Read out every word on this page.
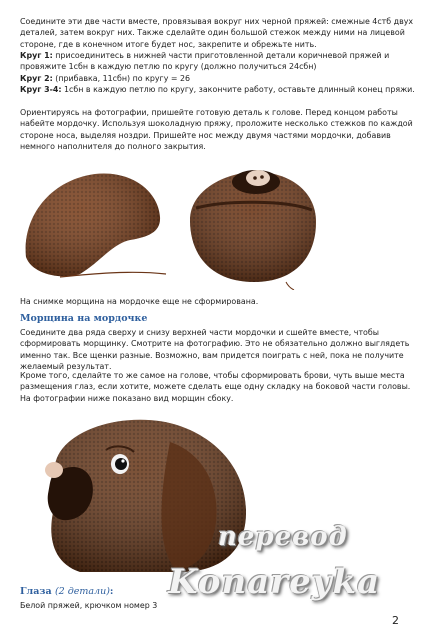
Соедините эти две части вместе, провязывая вокруг них черной пряжей: смежные 4стб двух деталей, затем вокруг них. Также сделайте один большой стежок между ними на лицевой стороне, где в конечном итоге будет нос, закрепите и обрежьте нить.

Круг 1: присоединитесь в нижней части приготовленной детали коричневой пряжей и провяжите 1сбн в каждую петлю по кругу (должно получиться 24сбн)

Круг 2: (прибавка, 11сбн) по кругу = 26

Круг 3-4: 1сбн в каждую петлю по кругу, закончите работу, оставьте длинный конец пряжи.

Ориентируясь на фотографии, пришейте готовую деталь к голове. Перед концом работы набейте мордочку. Используя шоколадную пряжу, проложите несколько стежков по каждой стороне носа, выделяя ноздри. Пришейте нос между двумя частями мордочки, добавив немного наполнителя до полного закрытия.

На снимке морщина на мордочке еще не сформирована.

Морщина на мордочке

Соедините два ряда сверху и снизу верхней части мордочки и сшейте вместе, чтобы сформировать морщинку. Смотрите на фотографию. Это не обязательно должно выглядеть именно так. Все щенки разные. Возможно, вам придется поиграть с ней, пока не получите желаемый результат.

Кроме того, сделайте то же самое на голове, чтобы сформировать брови, чуть выше места размещения глаз, если хотите, можете сделать еще одну складку на боковой части головы. На фотографии ниже показано вид морщин сбоку.

Глаза (2 детали):

Белой пряжей, крючком номер 3

перевод
Konareyka
2
